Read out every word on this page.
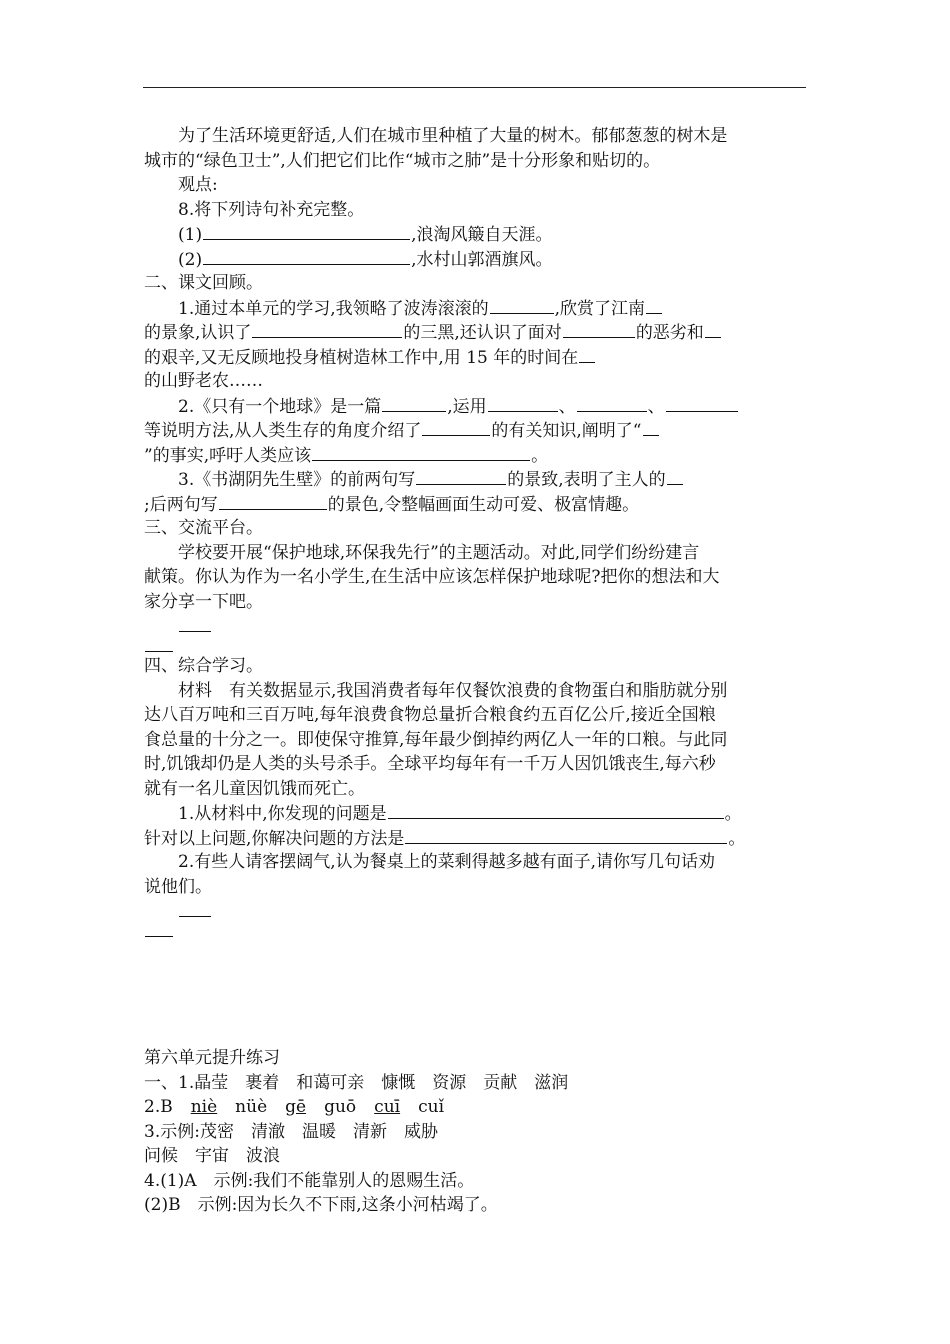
为了生活环境更舒适,人们在城市里种植了大量的树木。郁郁葱葱的树木是
城市的“绿色卫士”,人们把它们比作“城市之肺”是十分形象和贴切的。
观点:
8.将下列诗句补充完整。
(1)	,浪淘风簸自天涯。
(2)	,水村山郭酒旗风。
二、课文回顾。
1.通过本单元的学习,我领略了波涛滚滚的	,欣赏了江南
的景象,认识了	的三黑,还认识了面对	的恶劣和
的艰辛,又无反顾地投身植树造林工作中,用 15 年的时间在
的山野老农……
2.《只有一个地球》是一篇	,运用	、	、
等说明方法,从人类生存的角度介绍了	的有关知识,阐明了“
”的事实,呼吁人类应该	。
3.《书湖阴先生壁》的前两句写	的景致,表明了主人的
;后两句写	的景色,令整幅画面生动可爱、极富情趣。
三、交流平台。
学校要开展“保护地球,环保我先行”的主题活动。对此,同学们纷纷建言
献策。你认为作为一名小学生,在生活中应该怎样保护地球呢?把你的想法和大
家分享一下吧。
四、综合学习。
材料　有关数据显示,我国消费者每年仅餐饮浪费的食物蛋白和脂肪就分别
达八百万吨和三百万吨,每年浪费食物总量折合粮食约五百亿公斤,接近全国粮
食总量的十分之一。即使保守推算,每年最少倒掉约两亿人一年的口粮。与此同
时,饥饿却仍是人类的头号杀手。全球平均每年有一千万人因饥饿丧生,每六秒
就有一名儿童因饥饿而死亡。
1.从材料中,你发现的问题是	。
针对以上问题,你解决问题的方法是	。
2.有些人请客摆阔气,认为餐桌上的菜剩得越多越有面子,请你写几句话劝
说他们。
第六单元提升练习
一、1.晶莹　裹着　和蔼可亲　慷慨　资源　贡献　滋润
2.B niè nüè gē guō cuī cuǐ
3.示例:茂密　清澈　温暖　清新　威胁
问候　宇宙　波浪
4.(1)A　示例:我们不能靠别人的恩赐生活。
(2)B　示例:因为长久不下雨,这条小河枯竭了。
